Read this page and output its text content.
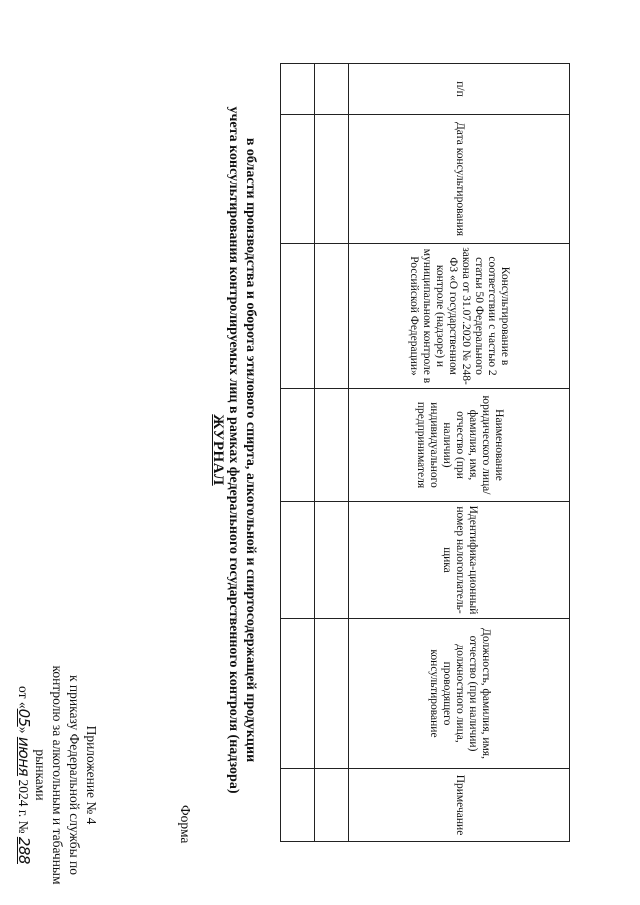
Приложение № 4
к приказу Федеральной службы по
контролю за алкогольным и табачным
рынками
от «05» июня 2024 г. № 288
Форма
ЖУРНАЛ учета консультирования контролируемых лиц в рамках федерального государственного контроля (надзора) в области производства и оборота этилового спирта, алкогольной и спиртосодержащей продукции
п/п	Дата консультирования	Консультирование в соответствии с частью 2 статьи 50 Федерального закона от 31.07.2020 № 248-ФЗ «О государственном контроле (надзоре) и муниципальном контроле в Российской Федерации»	Наименование юридического лица/фамилия, имя, отчество (при наличии) индивидуального предпринимателя	Идентифика-ционный номер налогоплатель-щика	Должность, фамилия, имя, отчество (при наличии) должностного лица, проводящего консультирование	Примечание
